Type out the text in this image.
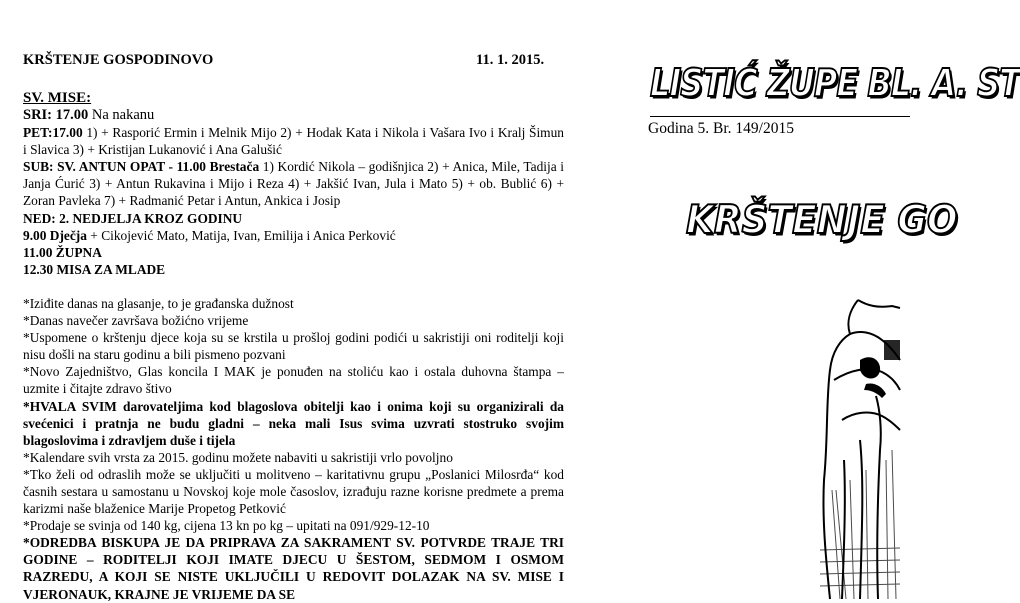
KRŠTENJE GOSPODINOVO	11. 1. 2015.
SV. MISE:
SRI: 17.00 Na nakanu
PET:17.00 1) + Rasporić Ermin i Melnik Mijo 2) + Hodak Kata i Nikola i Vašara Ivo i Kralj Šimun i Slavica 3) + Kristijan Lukanović i Ana Galušić
SUB: SV. ANTUN OPAT - 11.00 Brestača 1) Kordić Nikola – godišnjica 2) + Anica, Mile, Tadija i Janja Ćurić 3) + Antun Rukavina i Mijo i Reza 4) + Jakšić Ivan, Jula i Mato 5) + ob. Bublić 6) + Zoran Pavleka 7) + Radmanić Petar i Antun, Ankica i Josip
NED: 2. NEDJELJA KROZ GODINU
9.00 Dječja + Cikojević Mato, Matija, Ivan, Emilija i Anica Perković
11.00 ŽUPNA
12.30 MISA ZA MLADE
*Iziđite danas na glasanje, to je građanska dužnost
*Danas navečer završava božićno vrijeme
*Uspomene o krštenju djece koja su se krstila u prošloj godini podići u sakristiji oni roditelji koji nisu došli na staru godinu a bili pismeno pozvani
*Novo Zajedništvo, Glas koncila I MAK je ponuđen na stoliću kao i ostala duhovna štampa – uzmite i čitajte zdravo štivo
*HVALA SVIM darovateljima kod blagoslova obitelji kao i onima koji su organizirali da svećenici i pratnja ne budu gladni – neka mali Isus svima uzvrati stostruko svojim blagoslovima i zdravljem duše i tijela
*Kalendare svih vrsta za 2015. godinu možete nabaviti u sakristiji vrlo povoljno
*Tko želi od odraslih može se uključiti u molitveno – karitativnu grupu „Poslanici Milosrđa“ kod časnih sestara u samostanu u Novskoj koje mole časoslov, izrađuju razne korisne predmete a prema karizmi naše blaženice Marije Propetog Petković
*Prodaje se svinja od 140 kg, cijena 13 kn po kg – upitati na 091/929-12-10
*ODREDBA BISKUPA JE DA PRIPRAVA ZA SAKRAMENT SV. POTVRDE TRAJE TRI GODINE – RODITELJI KOJI IMATE DJECU U ŠESTOM, SEDMOM I OSMOM RAZREDU, A KOJI SE NISTE UKLJUČILI U REDOVIT DOLAZAK NA SV. MISE I VJERONAUK, KRAJNE JE VRIJEME DA SE
LISTIĆ ŽUPE BL. A. ST
Godina 5. Br. 149/2015
KRŠTENJE GO
